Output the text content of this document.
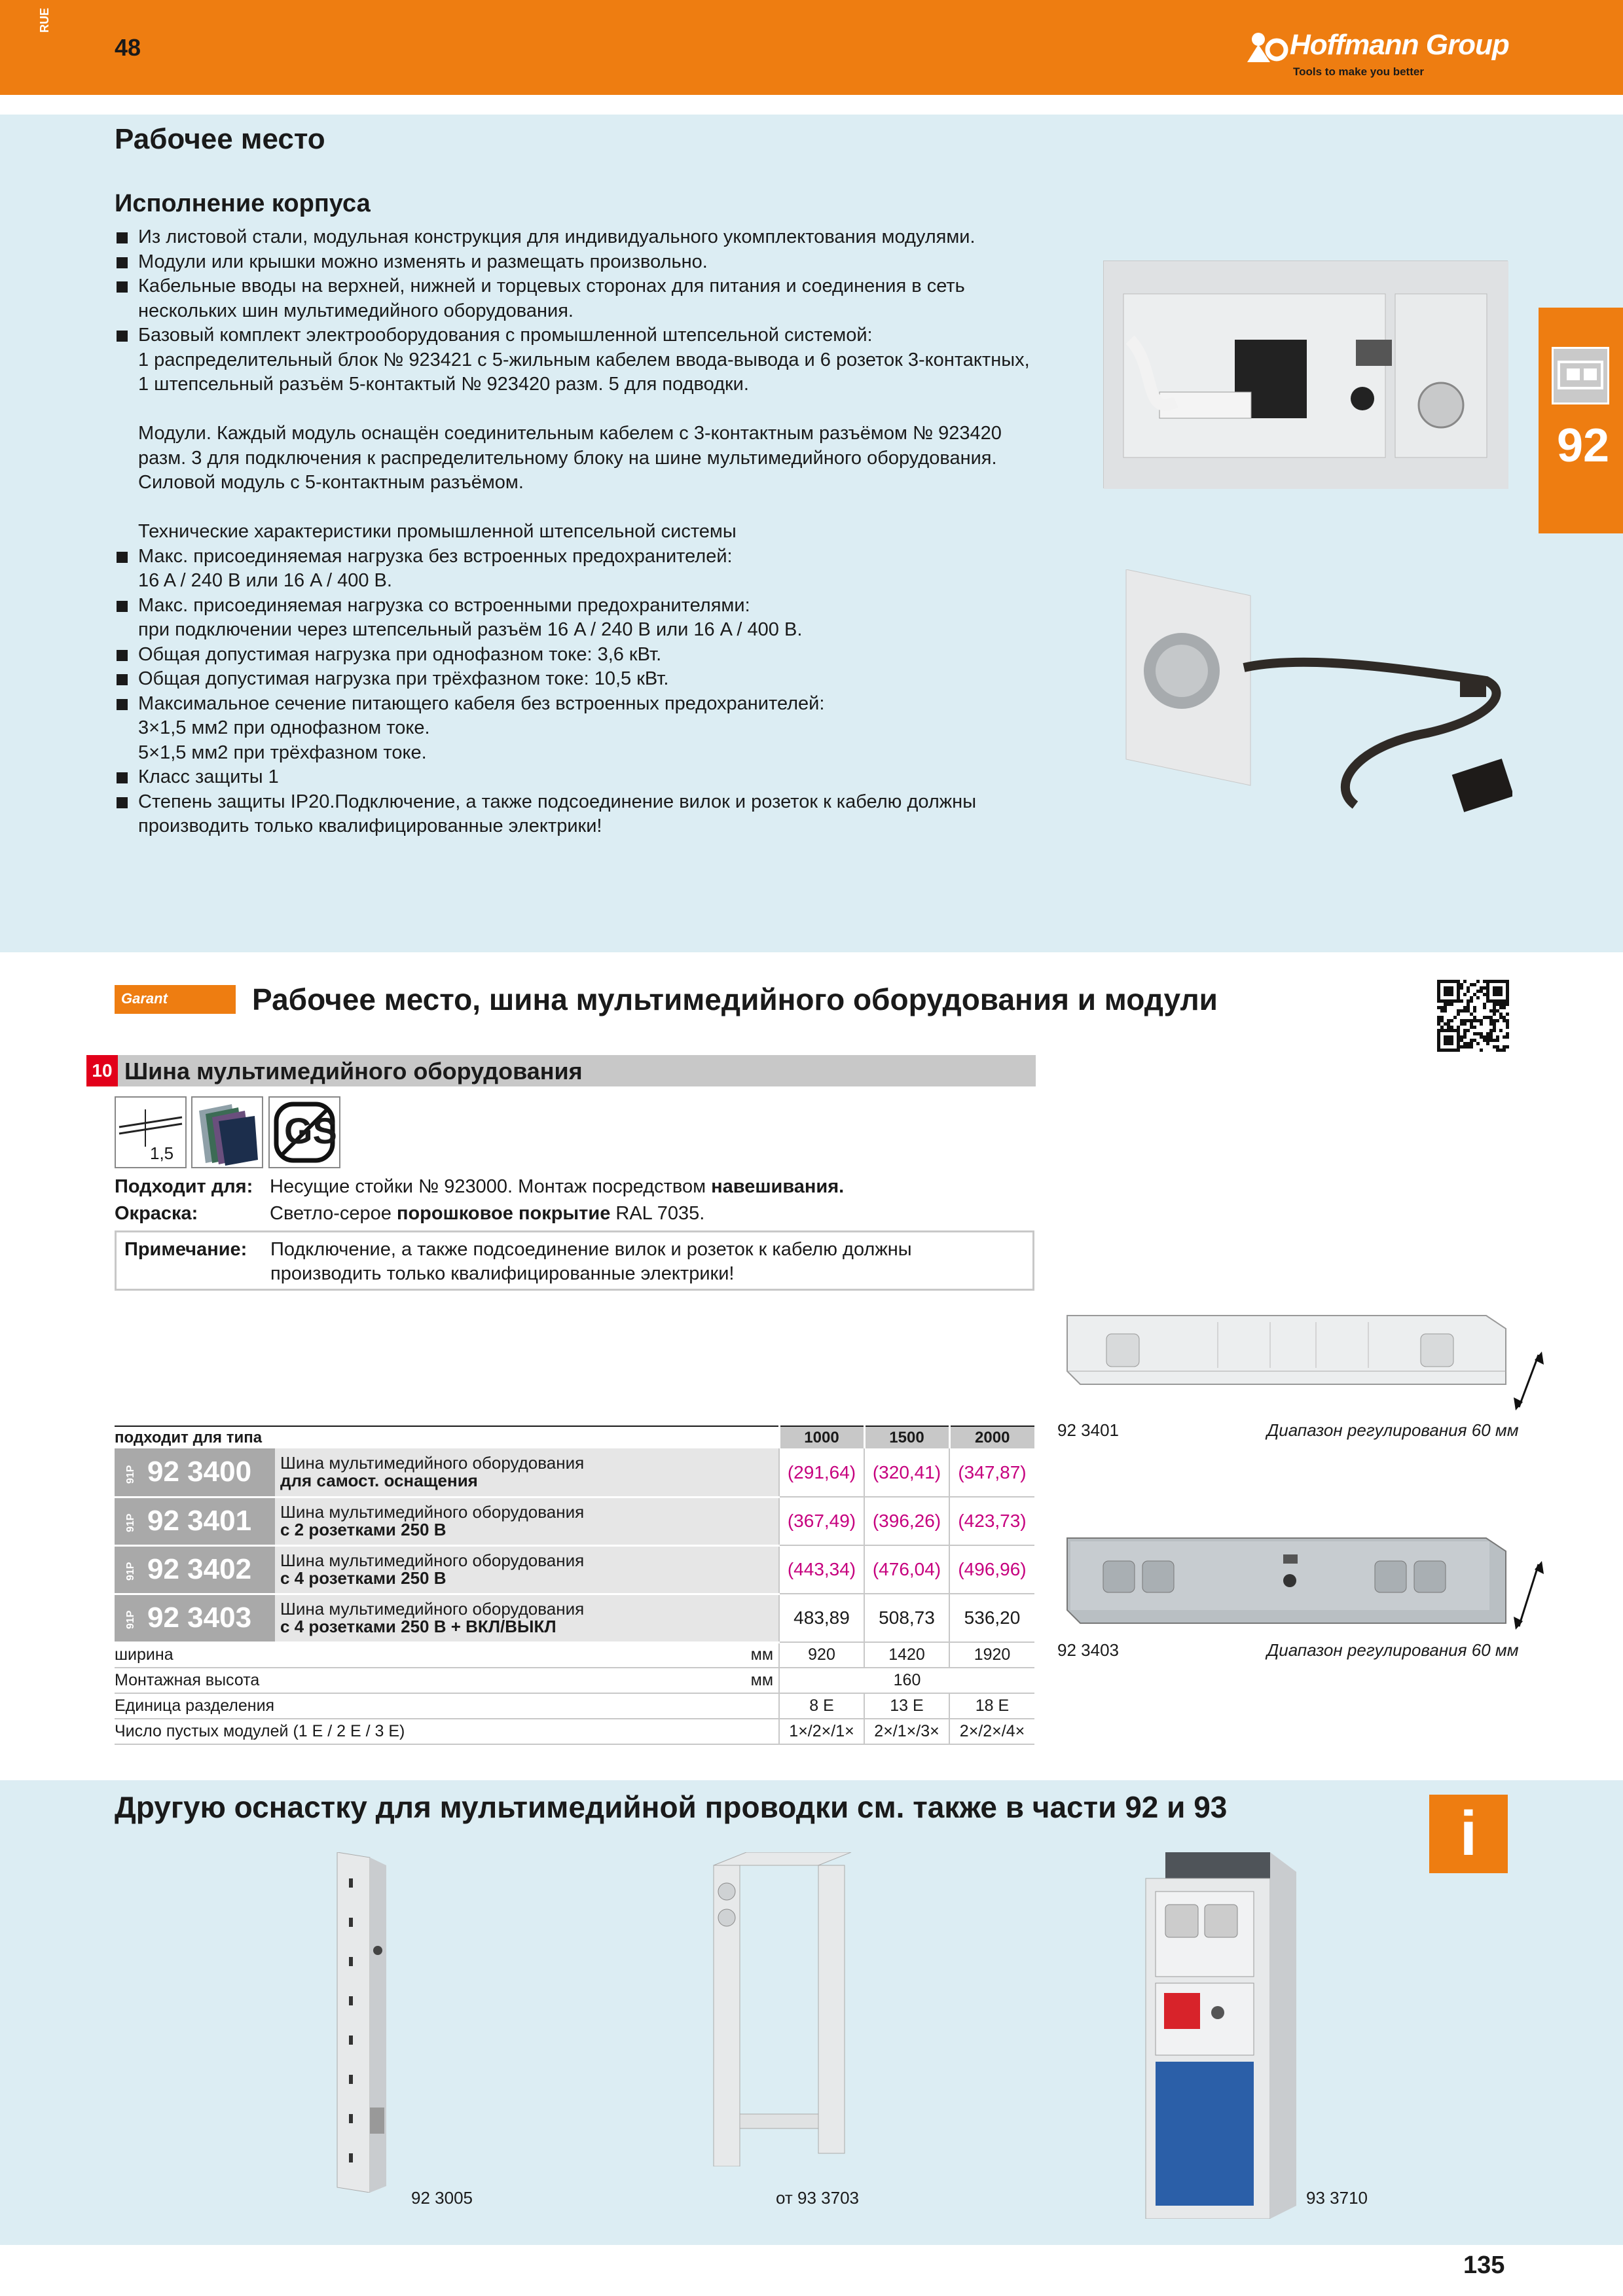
RUE
48	Hoffmann Group
Tools to make you better
Рабочее место
Исполнение корпуса
Из листовой стали, модульная конструкция для индивидуального укомплектования модулями.
Модули или крышки можно изменять и размещать произвольно.
Кабельные вводы на верхней, нижней и торцевых сторонах для питания и соединения в сеть
нескольких шин мультимедийного оборудования.
Базовый комплект электрооборудования с промышленной штепсельной системой:
1 распределительный блок № 923421 с 5-жильным кабелем ввода-вывода и 6 розеток 3-контактных,
1 штепсельный разъём 5-контактый № 923420 разм. 5 для подводки.
Модули. Каждый модуль оснащён соединительным кабелем с 3-контактным разъёмом № 923420
разм. 3 для подключения к распределительному блоку на шине мультимедийного оборудования.
Силовой модуль с 5-контактным разъёмом.
Технические характеристики промышленной штепсельной системы
Макс. присоединяемая нагрузка без встроенных предохранителей:
16 A / 240 В или 16 A / 400 В.
Макс. присоединяемая нагрузка со встроенными предохранителями:
при подключении через штепсельный разъём 16 A / 240 В или 16 A / 400 В.
Общая допустимая нагрузка при однофазном токе: 3,6 кВт.
Общая допустимая нагрузка при трёхфазном токе: 10,5 кВт.
Максимальное сечение питающего кабеля без встроенных предохранителей:
3×1,5 мм2 при однофазном токе.
5×1,5 мм2 при трёхфазном токе.
Класс защиты 1
Степень защиты IP20.Подключение, а также подсоединение вилок и розеток к кабелю должны
производить только квалифицированные электрики!
92
Garant	Рабочее место, шина мультимедийного оборудования и модули
10 Шина мультимедийного оборудования
1,5
GS
Подходит для: Несущие стойки № 923000. Монтаж посредством навешивания.
Окраска:	Светло-серое порошковое покрытие RAL 7035.
Примечание: Подключение, а также подсоединение вилок и розеток к кабелю должны
производить только квалифицированные электрики!
92 3401	Диапазон регулирования 60 мм
92 3403	Диапазон регулирования 60 мм
подходит для типа			1000	1500	2000
91P 92 3400	Шина мультимедийного оборудования
для самост. оснащения		(291,64)	(320,41)	(347,87)
91P 92 3401	Шина мультимедийного оборудования
с 2 розетками 250 В		(367,49)	(396,26)	(423,73)
91P 92 3402	Шина мультимедийного оборудования
с 4 розетками 250 В		(443,34)	(476,04)	(496,96)
91P 92 3403	Шина мультимедийного оборудования
с 4 розетками 250 В + ВКЛ/ВЫКЛ		483,89	508,73	536,20
ширина		мм	920	1420	1920
Монтажная высота		мм	160		
Единица разделения			8 E	13 E	18 E
Число пустых модулей (1 E / 2 E / 3 E)			1×/2×/1×	2×/1×/3×	2×/2×/4×
Другую оснастку для мультимедийной проводки см. также в части 92 и 93	i
92 3005	от 93 3703	93 3710
135
